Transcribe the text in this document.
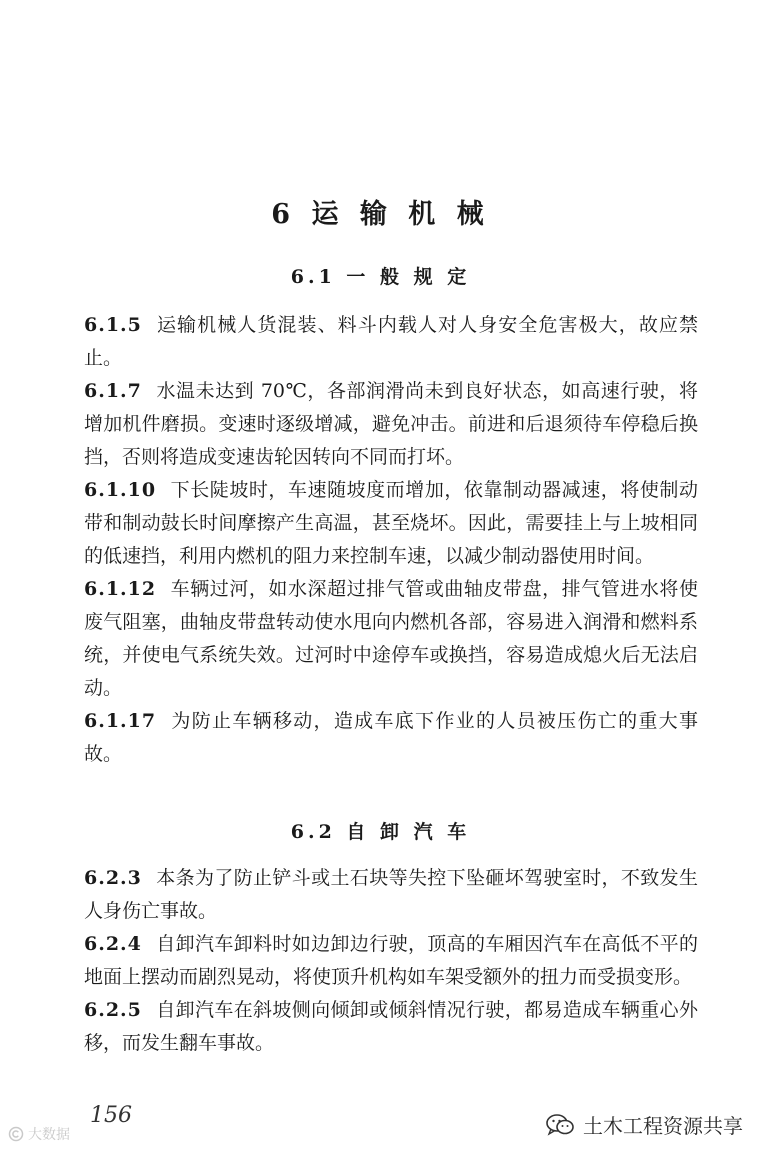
6 运 输 机 械
6.1 一 般 规 定

6.1.5 运输机械人货混装、料斗内载人对人身安全危害极大，故应禁止。

6.1.7 水温未达到 70℃，各部润滑尚未到良好状态，如高速行驶，将增加机件磨损。变速时逐级增减，避免冲击。前进和后退须待车停稳后换挡，否则将造成变速齿轮因转向不同而打坏。

6.1.10 下长陡坡时，车速随坡度而增加，依靠制动器减速，将使制动带和制动鼓长时间摩擦产生高温，甚至烧坏。因此，需要挂上与上坡相同的低速挡，利用内燃机的阻力来控制车速，以减少制动器使用时间。

6.1.12 车辆过河，如水深超过排气管或曲轴皮带盘，排气管进水将使废气阻塞，曲轴皮带盘转动使水甩向内燃机各部，容易进入润滑和燃料系统，并使电气系统失效。过河时中途停车或换挡，容易造成熄火后无法启动。

6.1.17 为防止车辆移动，造成车底下作业的人员被压伤亡的重大事故。

6.2 自 卸 汽 车

6.2.3 本条为了防止铲斗或土石块等失控下坠砸坏驾驶室时，不致发生人身伤亡事故。

6.2.4 自卸汽车卸料时如边卸边行驶，顶高的车厢因汽车在高低不平的地面上摆动而剧烈晃动，将使顶升机构如车架受额外的扭力而受损变形。

6.2.5 自卸汽车在斜坡侧向倾卸或倾斜情况行驶，都易造成车辆重心外移，而发生翻车事故。

156
大数据	土木工程资源共享
